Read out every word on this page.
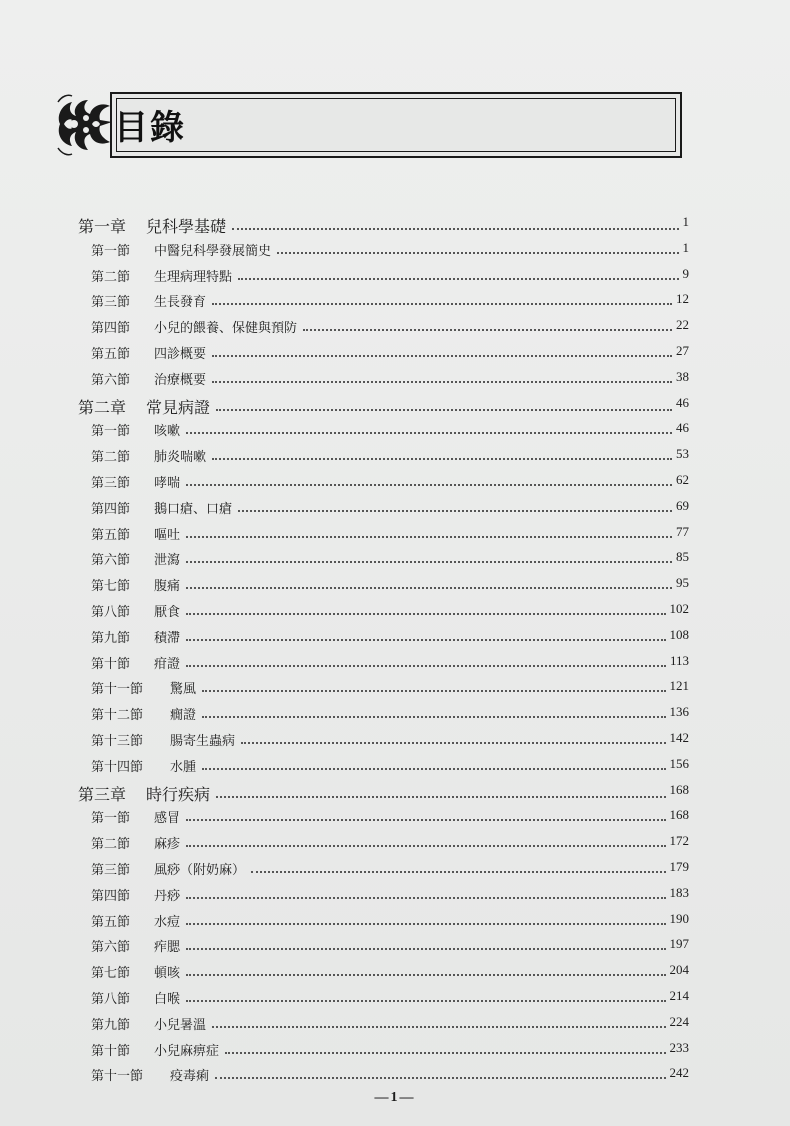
目錄
第一章 兒科學基礎	1
第一節 中醫兒科學發展簡史	1
第二節 生理病理特點	9
第三節 生長發育	12
第四節 小兒的餵養、保健與預防	22
第五節 四診概要	27
第六節 治療概要	38
第二章 常見病證	46
第一節 咳嗽	46
第二節 肺炎喘嗽	53
第三節 哮喘	62
第四節 鵝口瘡、口瘡	69
第五節 嘔吐	77
第六節 泄瀉	85
第七節 腹痛	95
第八節 厭食	102
第九節 積滯	108
第十節 疳證	113
第十一節 驚風	121
第十二節 癇證	136
第十三節 腸寄生蟲病	142
第十四節 水腫	156
第三章 時行疾病	168
第一節 感冒	168
第二節 麻疹	172
第三節 風痧（附奶麻）	179
第四節 丹痧	183
第五節 水痘	190
第六節 痄腮	197
第七節 頓咳	204
第八節 白喉	214
第九節 小兒暑溫	224
第十節 小兒麻痹症	233
第十一節 疫毒痢	242
—1—
